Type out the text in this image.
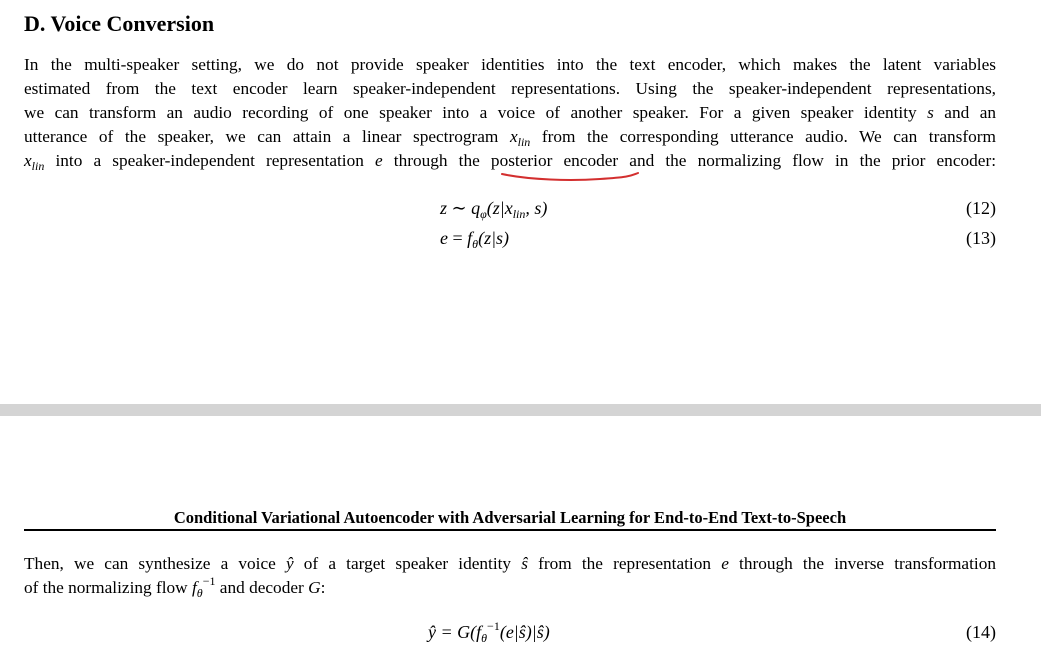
D. Voice Conversion
In the multi-speaker setting, we do not provide speaker identities into the text encoder, which makes the latent variables
estimated from the text encoder learn speaker-independent representations. Using the speaker-independent representations,
we can transform an audio recording of one speaker into a voice of another speaker. For a given speaker identity s and an
utterance of the speaker, we can attain a linear spectrogram $x_{lin}$ from the corresponding utterance audio. We can transform
$x_{lin}$ into a speaker-independent representation e through the posterior encoder and the normalizing flow in the prior encoder:
z ∼ $q_\varphi(z|x_{lin}$, s)	(12)
$e = f_\theta(z|s)$	(13)
Conditional Variational Autoencoder with Adversarial Learning for End-to-End Text-to-Speech
Then, we can synthesize a voice ŷ of a target speaker identity ŝ from the representation e through the inverse transformation
of the normalizing flow $f_\theta^{-1}$ and decoder G:
ŷ = $G(f_\theta^{-1}(e|ŝ)|ŝ)$	(14)
